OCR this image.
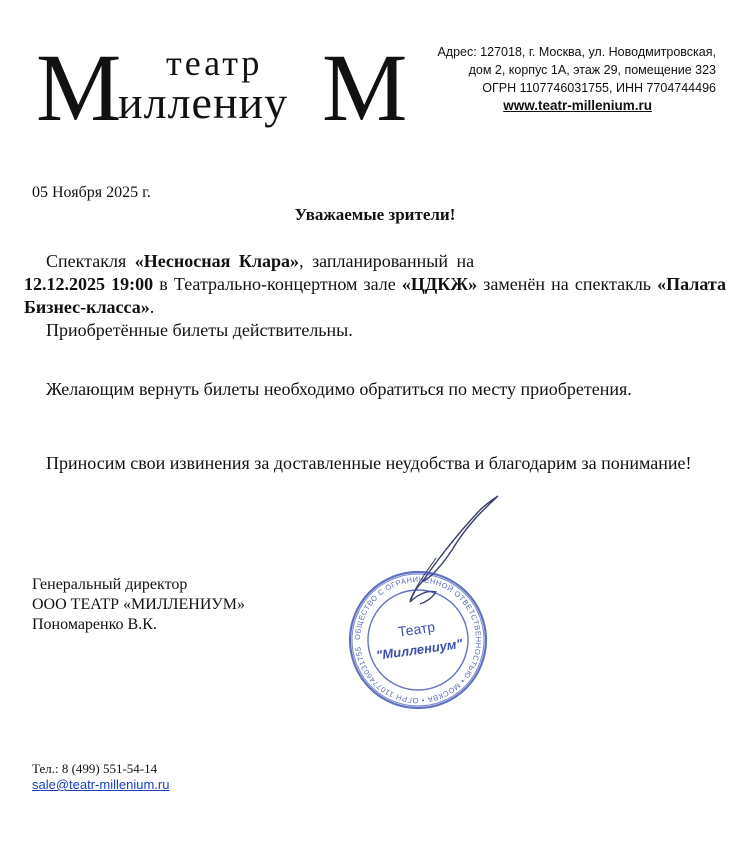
М театр
иллениу М	Адрес: 127018, г. Москва, ул. Новодмитровская,
дом 2, корпус 1А, этаж 29, помещение 323
ОГРН 1107746031755, ИНН 7704744496
www.teatr-millenium.ru
05 Ноября 2025 г.
Уважаемые зрители!
Спектакля «Несносная Клара», запланированный на
12.12.2025 19:00 в Театрально-концертном зале «ЦДКЖ» заменён на спектакль «Палата Бизнес-класса».
Приобретённые билеты действительны.
Желающим вернуть билеты необходимо обратиться по месту приобретения.
Приносим свои извинения за доставленные неудобства и благодарим за понимание!
Генеральный директор
ООО ТЕАТР «МИЛЛЕНИУМ»
Пономаренко В.К.
ОБЩЕСТВО С ОГРАНИЧЕННОЙ ОТВЕТСТВЕННОСТЬЮ • МОСКВА • ОГРН 1107746031755
Театр
"Миллениум"
Тел.: 8 (499) 551-54-14
sale@teatr-millenium.ru
